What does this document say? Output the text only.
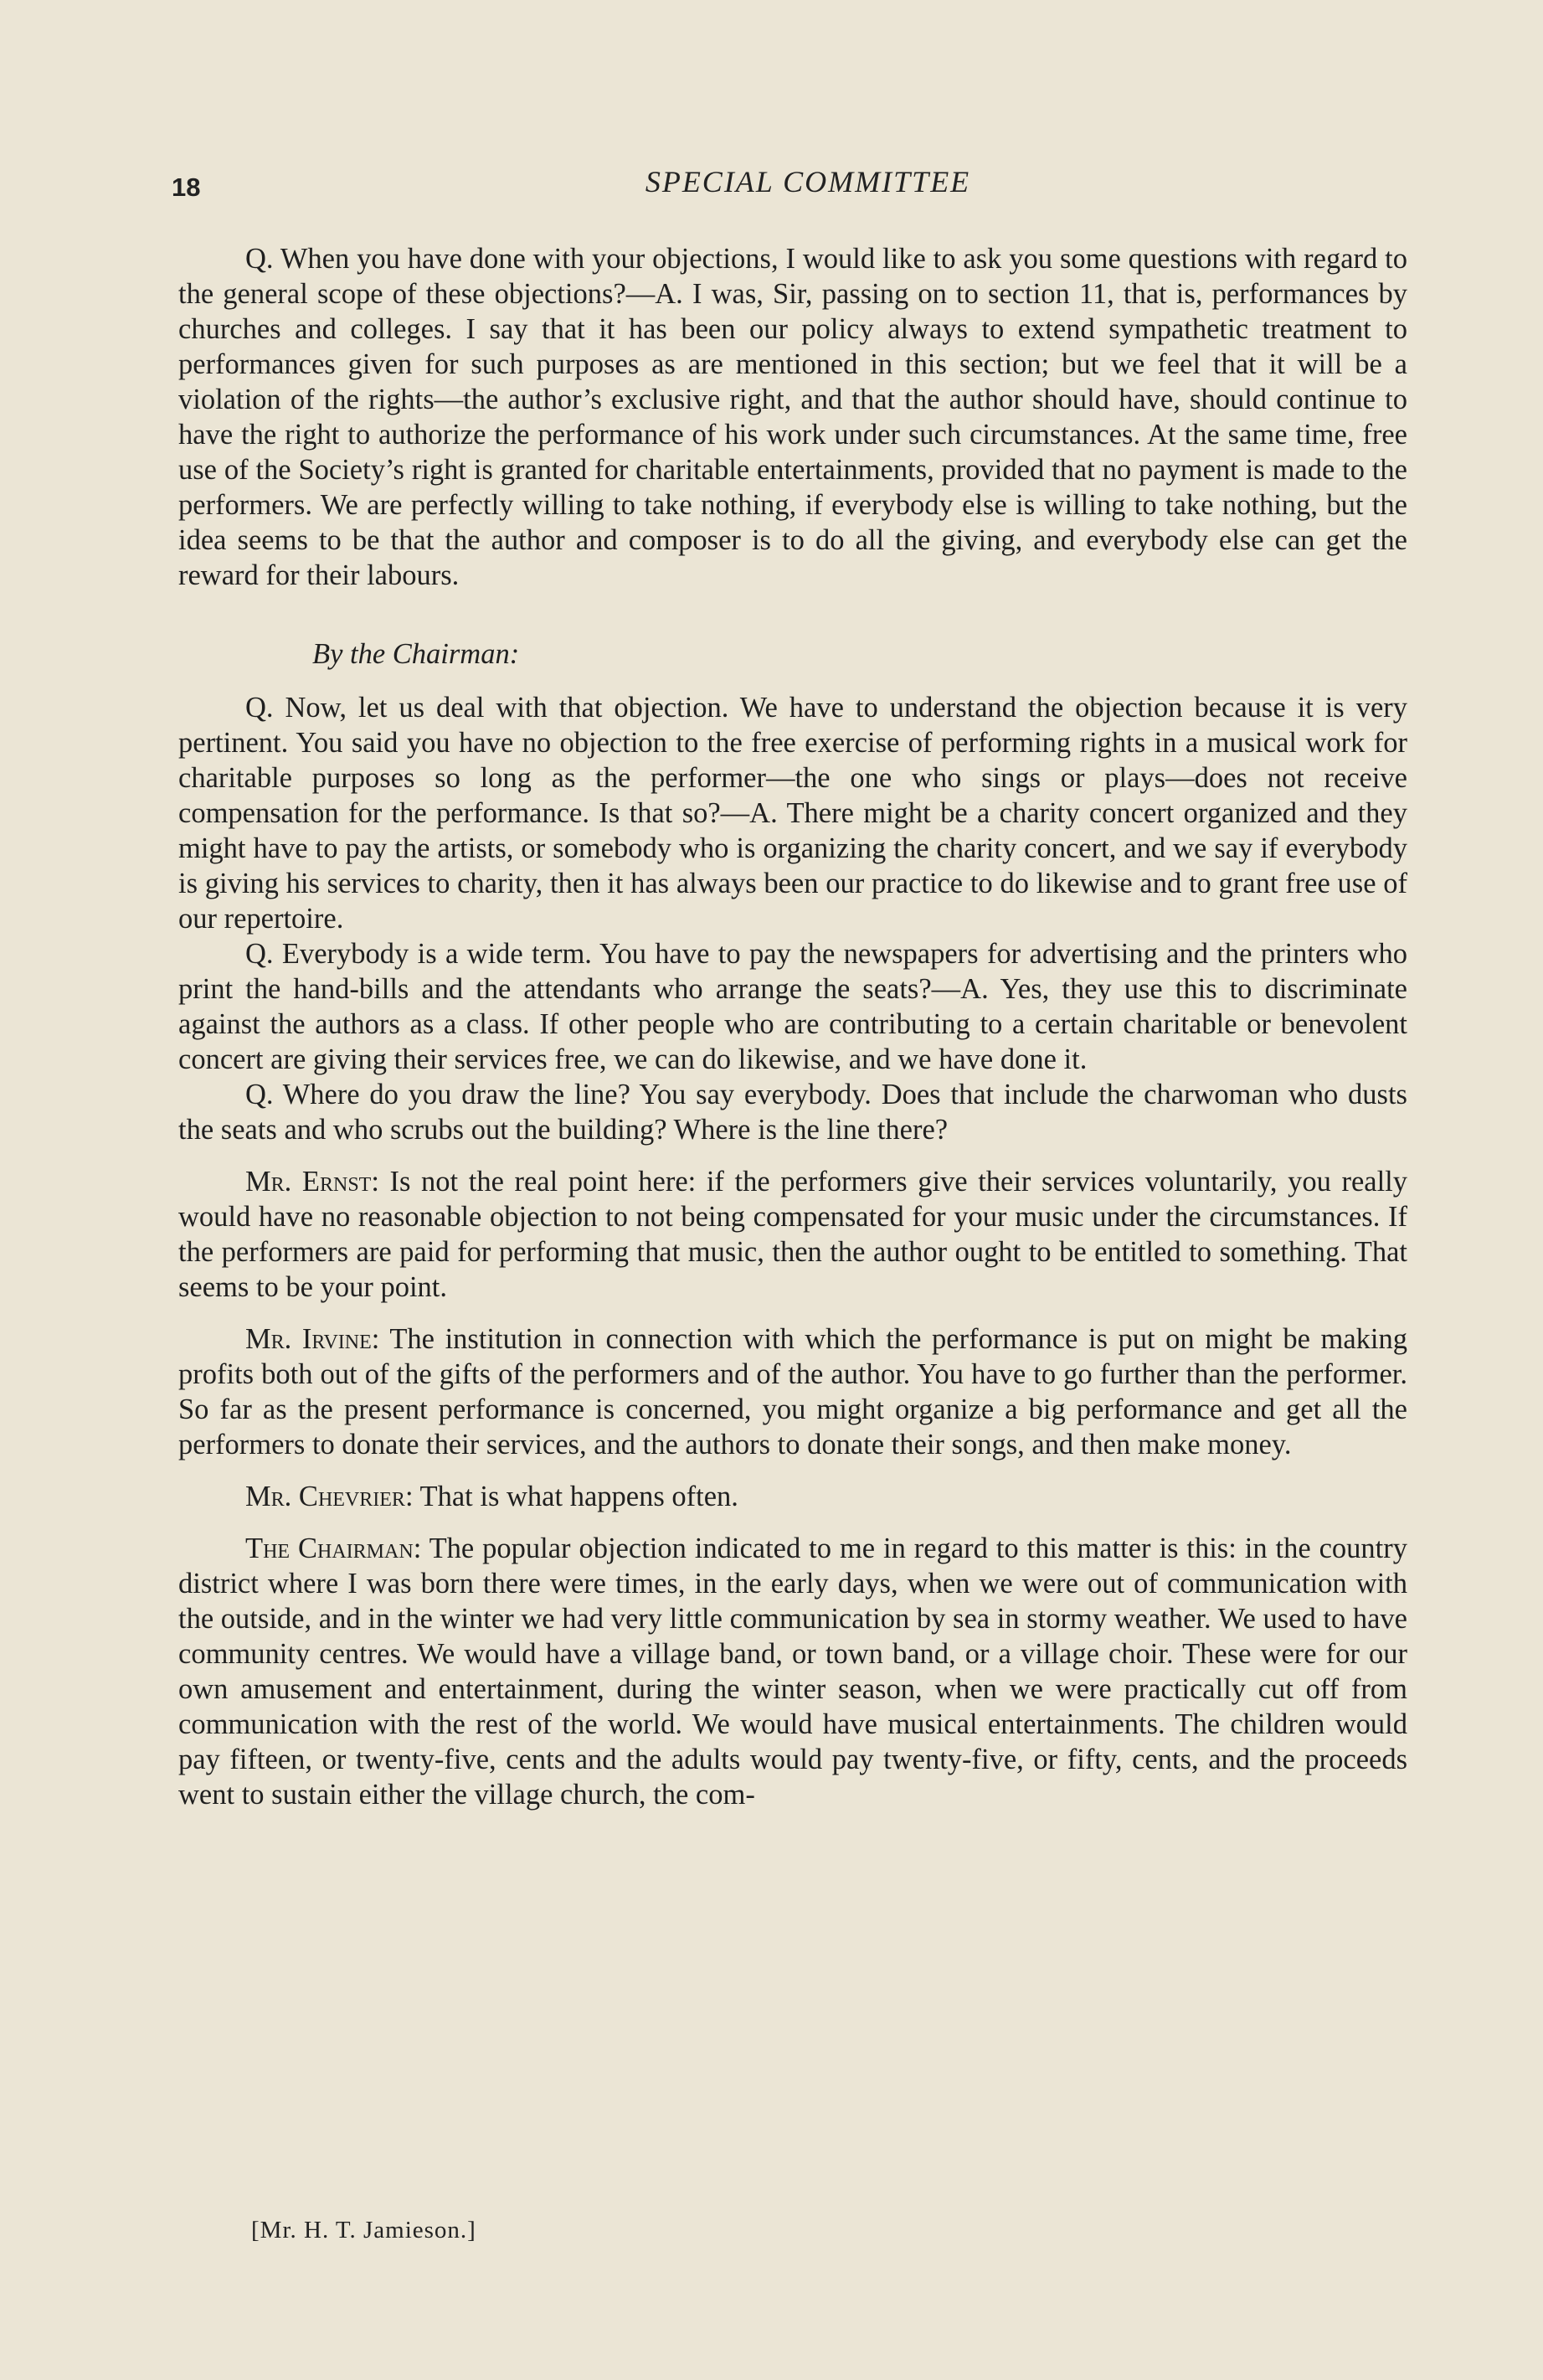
18	SPECIAL COMMITTEE

Q. When you have done with your objections, I would like to ask you some questions with regard to the general scope of these objections?—A. I was, Sir, passing on to section 11, that is, performances by churches and colleges. I say that it has been our policy always to extend sympathetic treatment to performances given for such purposes as are mentioned in this section; but we feel that it will be a violation of the rights—the author’s exclusive right, and that the author should have, should continue to have the right to authorize the performance of his work under such circumstances. At the same time, free use of the Society’s right is granted for charitable entertainments, provided that no payment is made to the performers. We are perfectly willing to take nothing, if everybody else is willing to take nothing, but the idea seems to be that the author and composer is to do all the giving, and everybody else can get the reward for their labours.

By the Chairman:

Q. Now, let us deal with that objection. We have to understand the objection because it is very pertinent. You said you have no objection to the free exercise of performing rights in a musical work for charitable purposes so long as the performer—the one who sings or plays—does not receive compensation for the performance. Is that so?—A. There might be a charity concert organized and they might have to pay the artists, or somebody who is organizing the charity concert, and we say if everybody is giving his services to charity, then it has always been our practice to do likewise and to grant free use of our repertoire.

Q. Everybody is a wide term. You have to pay the newspapers for advertising and the printers who print the hand-bills and the attendants who arrange the seats?—A. Yes, they use this to discriminate against the authors as a class. If other people who are contributing to a certain charitable or benevolent concert are giving their services free, we can do likewise, and we have done it.

Q. Where do you draw the line? You say everybody. Does that include the charwoman who dusts the seats and who scrubs out the building? Where is the line there?

Mr. Ernst: Is not the real point here: if the performers give their services voluntarily, you really would have no reasonable objection to not being compensated for your music under the circumstances. If the performers are paid for performing that music, then the author ought to be entitled to something. That seems to be your point.

Mr. Irvine: The institution in connection with which the performance is put on might be making profits both out of the gifts of the performers and of the author. You have to go further than the performer. So far as the present performance is concerned, you might organize a big performance and get all the performers to donate their services, and the authors to donate their songs, and then make money.

Mr. Chevrier: That is what happens often.

The Chairman: The popular objection indicated to me in regard to this matter is this: in the country district where I was born there were times, in the early days, when we were out of communication with the outside, and in the winter we had very little communication by sea in stormy weather. We used to have community centres. We would have a village band, or town band, or a village choir. These were for our own amusement and entertainment, during the winter season, when we were practically cut off from communication with the rest of the world. We would have musical entertainments. The children would pay fifteen, or twenty-five, cents and the adults would pay twenty-five, or fifty, cents, and the proceeds went to sustain either the village church, the com-

[Mr. H. T. Jamieson.]
